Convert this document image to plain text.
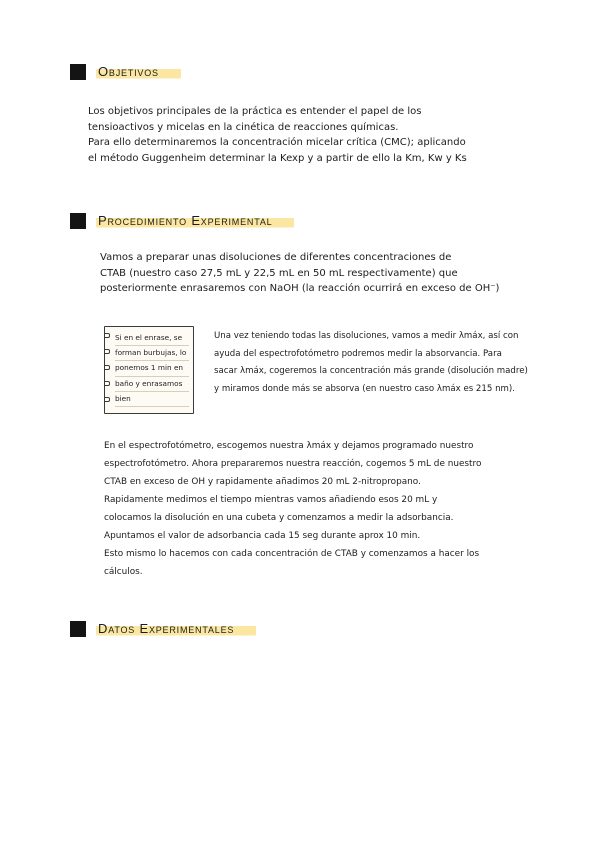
Objetivos
Los objetivos principales de la práctica es entender el papel de los
tensioactivos y micelas en la cinética de reacciones químicas.
Para ello determinaremos la concentración micelar crítica (CMC); aplicando
el método Guggenheim determinar la Kexp y a partir de ello la Km, Kw y Ks
Procedimiento Experimental
Vamos a preparar unas disoluciones de diferentes concentraciones de
CTAB (nuestro caso 27,5 mL y 22,5 mL en 50 mL respectivamente) que
posteriormente enrasaremos con NaOH (la reacción ocurrirá en exceso de OH⁻)
Si en el enrase, se
forman burbujas, lo
ponemos 1 min en
baño y enrasamos
bien
Una vez teniendo todas las disoluciones, vamos a medir λmáx, así con
ayuda del espectrofotómetro podremos medir la absorvancia. Para
sacar λmáx, cogeremos la concentración más grande (disolución madre)
y miramos donde más se absorva (en nuestro caso λmáx es 215 nm).
En el espectrofotómetro, escogemos nuestra λmáx y dejamos programado nuestro
espectrofotómetro. Ahora prepararemos nuestra reacción, cogemos 5 mL de nuestro
CTAB en exceso de OH y rapidamente añadimos 20 mL 2-nitropropano.
Rapidamente medimos el tiempo mientras vamos añadiendo esos 20 mL y
colocamos la disolución en una cubeta y comenzamos a medir la adsorbancia.
Apuntamos el valor de adsorbancia cada 15 seg durante aprox 10 min.
Esto mismo lo hacemos con cada concentración de CTAB y comenzamos a hacer los
cálculos.
Datos Experimentales
